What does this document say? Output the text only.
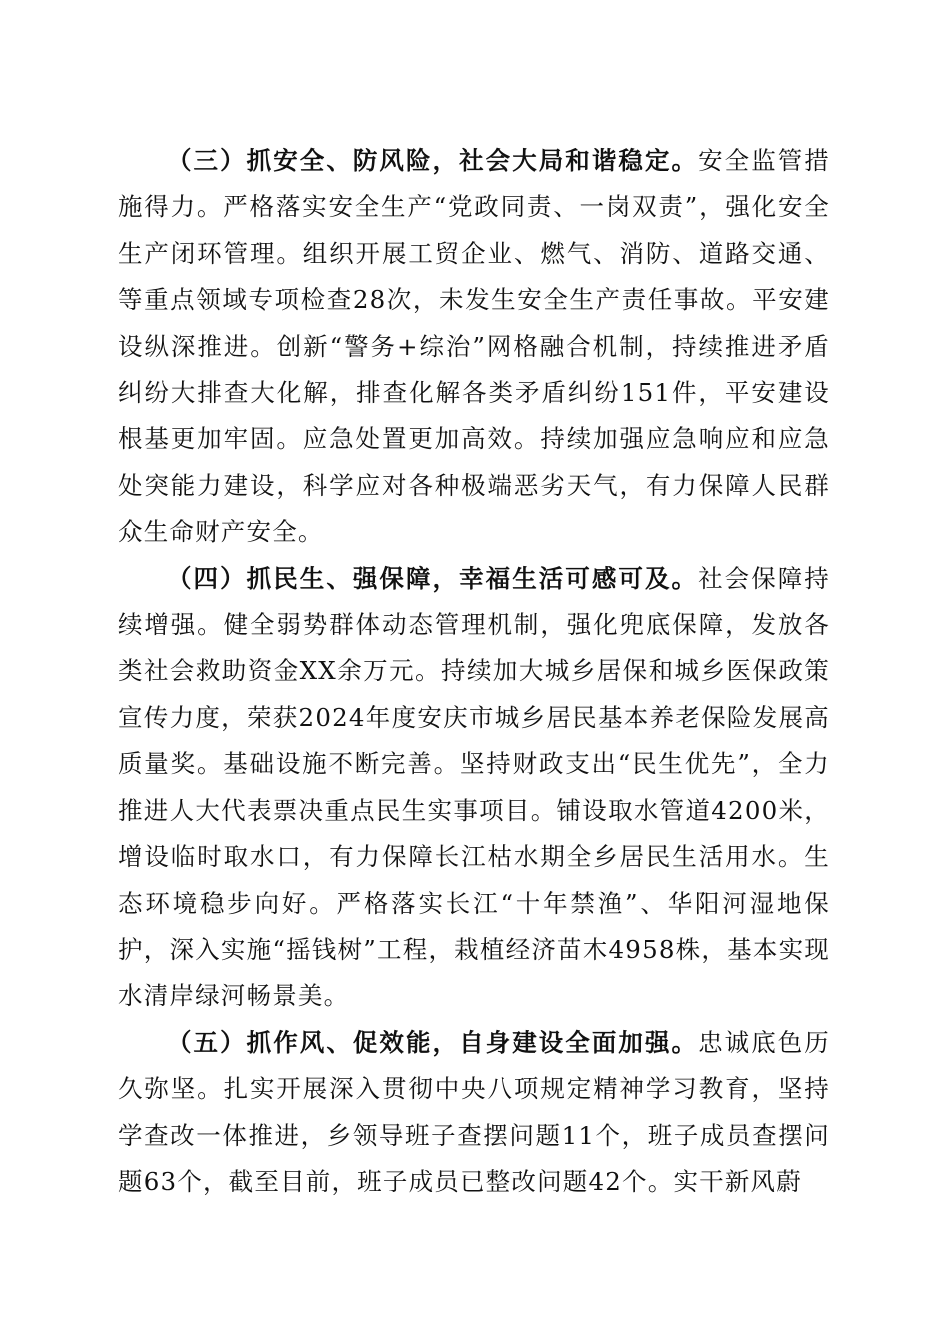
（三）抓安全、防风险，社会大局和谐稳定。安全监管措施得力。严格落实安全生产“党政同责、一岗双责”，强化安全生产闭环管理。组织开展工贸企业、燃气、消防、道路交通、等重点领域专项检查28次，未发生安全生产责任事故。平安建设纵深推进。创新“警务+综治”网格融合机制，持续推进矛盾纠纷大排查大化解，排查化解各类矛盾纠纷151件，平安建设根基更加牢固。应急处置更加高效。持续加强应急响应和应急处突能力建设，科学应对各种极端恶劣天气，有力保障人民群众生命财产安全。

（四）抓民生、强保障，幸福生活可感可及。社会保障持续增强。健全弱势群体动态管理机制，强化兜底保障，发放各类社会救助资金XX余万元。持续加大城乡居保和城乡医保政策宣传力度，荣获2024年度安庆市城乡居民基本养老保险发展高质量奖。基础设施不断完善。坚持财政支出“民生优先”，全力推进人大代表票决重点民生实事项目。铺设取水管道4200米，增设临时取水口，有力保障长江枯水期全乡居民生活用水。生态环境稳步向好。严格落实长江“十年禁渔”、华阳河湿地保护，深入实施“摇钱树”工程，栽植经济苗木4958株，基本实现水清岸绿河畅景美。

（五）抓作风、促效能，自身建设全面加强。忠诚底色历久弥坚。扎实开展深入贯彻中央八项规定精神学习教育，坚持学查改一体推进，乡领导班子查摆问题11个，班子成员查摆问题63个，截至目前，班子成员已整改问题42个。实干新风蔚
